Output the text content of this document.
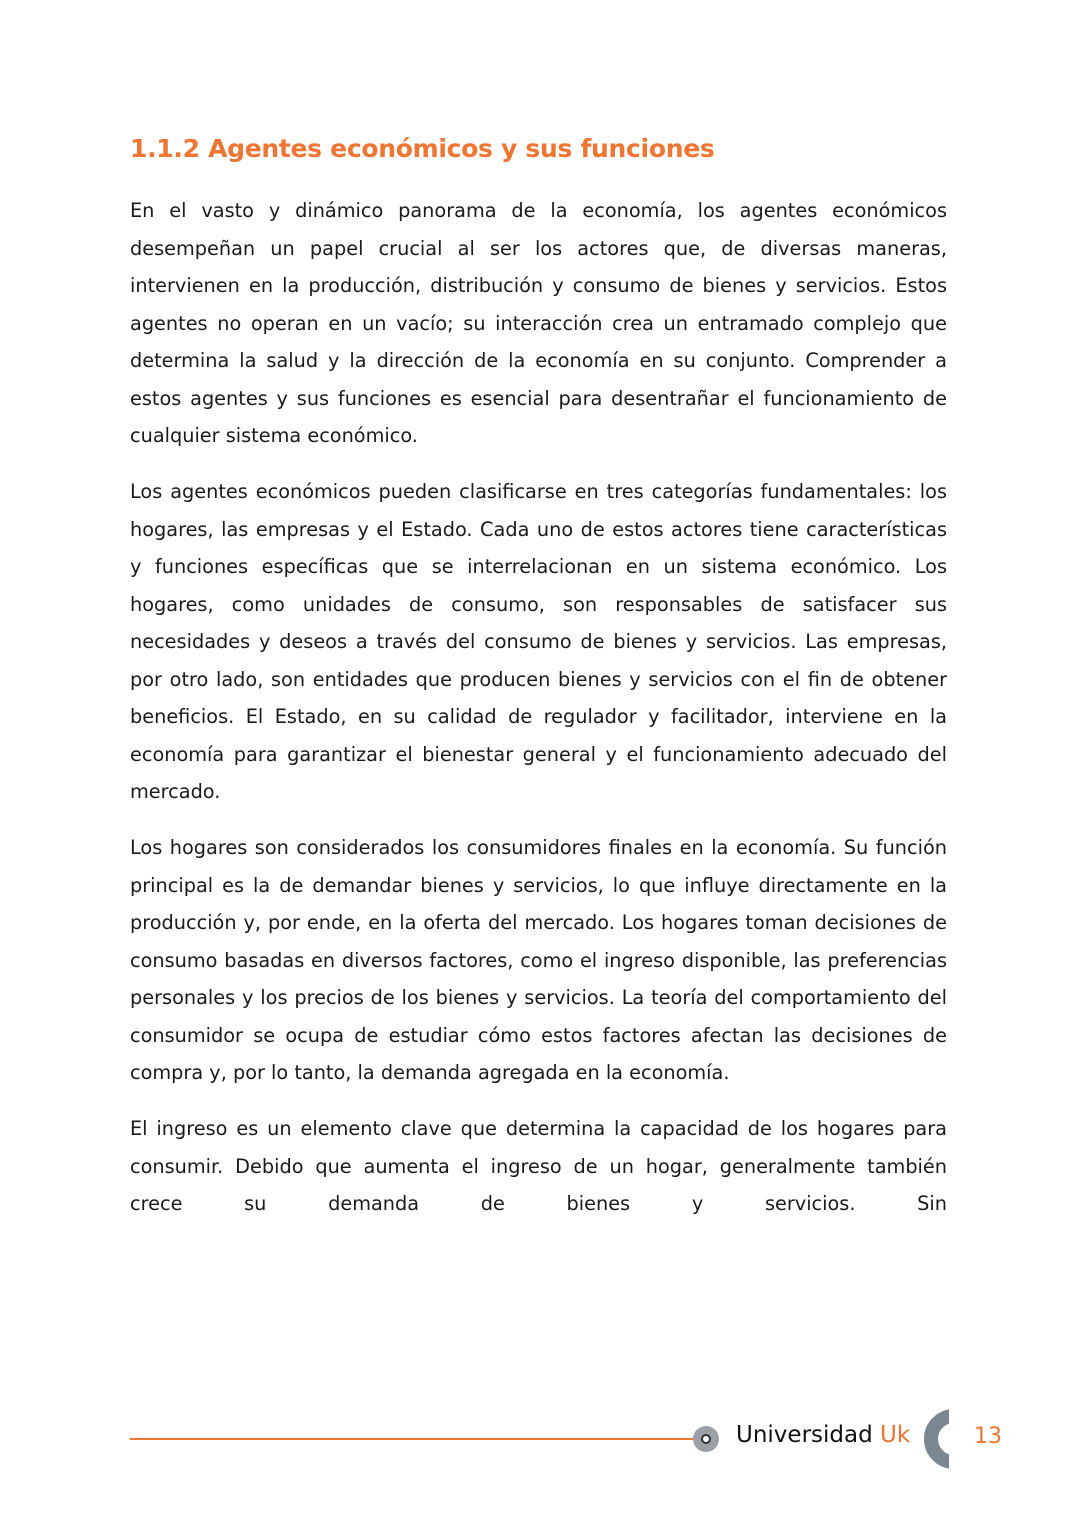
1.1.2 Agentes económicos y sus funciones

En el vasto y dinámico panorama de la economía, los agentes económicos desempeñan un papel crucial al ser los actores que, de diversas maneras, intervienen en la producción, distribución y consumo de bienes y servicios. Estos agentes no operan en un vacío; su interacción crea un entramado complejo que determina la salud y la dirección de la economía en su conjunto. Comprender a estos agentes y sus funciones es esencial para desentrañar el funcionamiento de cualquier sistema económico.

Los agentes económicos pueden clasificarse en tres categorías fundamentales: los hogares, las empresas y el Estado. Cada uno de estos actores tiene características y funciones específicas que se interrelacionan en un sistema económico. Los hogares, como unidades de consumo, son responsables de satisfacer sus necesidades y deseos a través del consumo de bienes y servicios. Las empresas, por otro lado, son entidades que producen bienes y servicios con el fin de obtener beneficios. El Estado, en su calidad de regulador y facilitador, interviene en la economía para garantizar el bienestar general y el funcionamiento adecuado del mercado.

Los hogares son considerados los consumidores finales en la economía. Su función principal es la de demandar bienes y servicios, lo que influye directamente en la producción y, por ende, en la oferta del mercado. Los hogares toman decisiones de consumo basadas en diversos factores, como el ingreso disponible, las preferencias personales y los precios de los bienes y servicios. La teoría del comportamiento del consumidor se ocupa de estudiar cómo estos factores afectan las decisiones de compra y, por lo tanto, la demanda agregada en la economía.

El ingreso es un elemento clave que determina la capacidad de los hogares para consumir. Debido que aumenta el ingreso de un hogar, generalmente también crece su demanda de bienes y servicios. Sin

Universidad Uk	13
